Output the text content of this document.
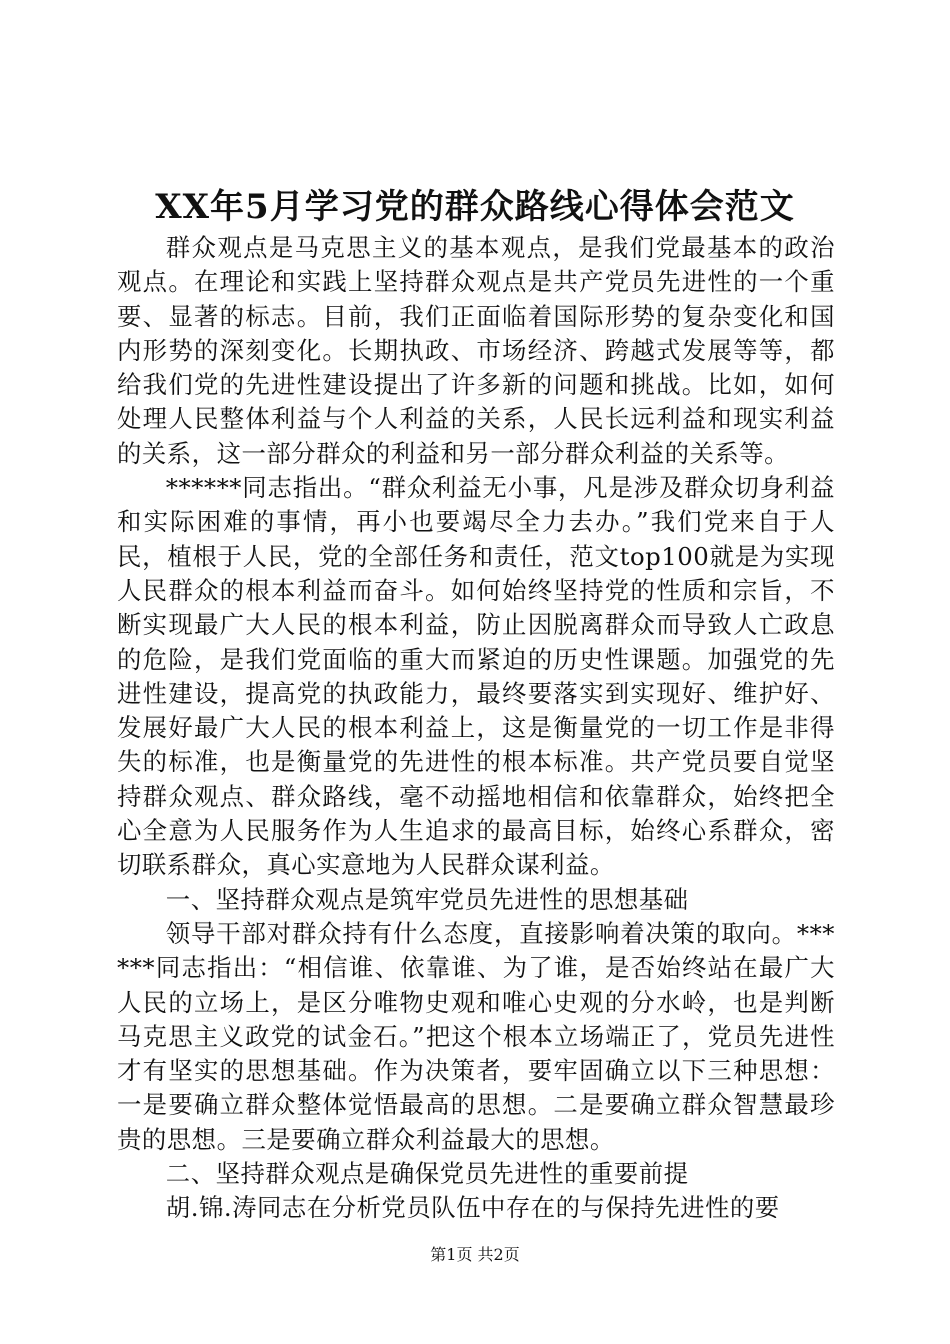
XX年5月学习党的群众路线心得体会范文

群众观点是马克思主义的基本观点，是我们党最基本的政治观点。在理论和实践上坚持群众观点是共产党员先进性的一个重要、显著的标志。目前，我们正面临着国际形势的复杂变化和国内形势的深刻变化。长期执政、市场经济、跨越式发展等等，都给我们党的先进性建设提出了许多新的问题和挑战。比如，如何处理人民整体利益与个人利益的关系，人民长远利益和现实利益的关系，这一部分群众的利益和另一部分群众利益的关系等。

******同志指出。“群众利益无小事，凡是涉及群众切身利益和实际困难的事情，再小也要竭尽全力去办。”我们党来自于人民，植根于人民，党的全部任务和责任，范文top100就是为实现人民群众的根本利益而奋斗。如何始终坚持党的性质和宗旨，不断实现最广大人民的根本利益，防止因脱离群众而导致人亡政息的危险，是我们党面临的重大而紧迫的历史性课题。加强党的先进性建设，提高党的执政能力，最终要落实到实现好、维护好、发展好最广大人民的根本利益上，这是衡量党的一切工作是非得失的标准，也是衡量党的先进性的根本标准。共产党员要自觉坚持群众观点、群众路线，毫不动摇地相信和依靠群众，始终把全心全意为人民服务作为人生追求的最高目标，始终心系群众，密切联系群众，真心实意地为人民群众谋利益。

一、坚持群众观点是筑牢党员先进性的思想基础

领导干部对群众持有什么态度，直接影响着决策的取向。******同志指出：“相信谁、依靠谁、为了谁，是否始终站在最广大人民的立场上，是区分唯物史观和唯心史观的分水岭，也是判断马克思主义政党的试金石。”把这个根本立场端正了，党员先进性才有坚实的思想基础。作为决策者，要牢固确立以下三种思想：一是要确立群众整体觉悟最高的思想。二是要确立群众智慧最珍贵的思想。三是要确立群众利益最大的思想。

二、坚持群众观点是确保党员先进性的重要前提

胡.锦.涛同志在分析党员队伍中存在的与保持先进性的要

第1页 共2页
